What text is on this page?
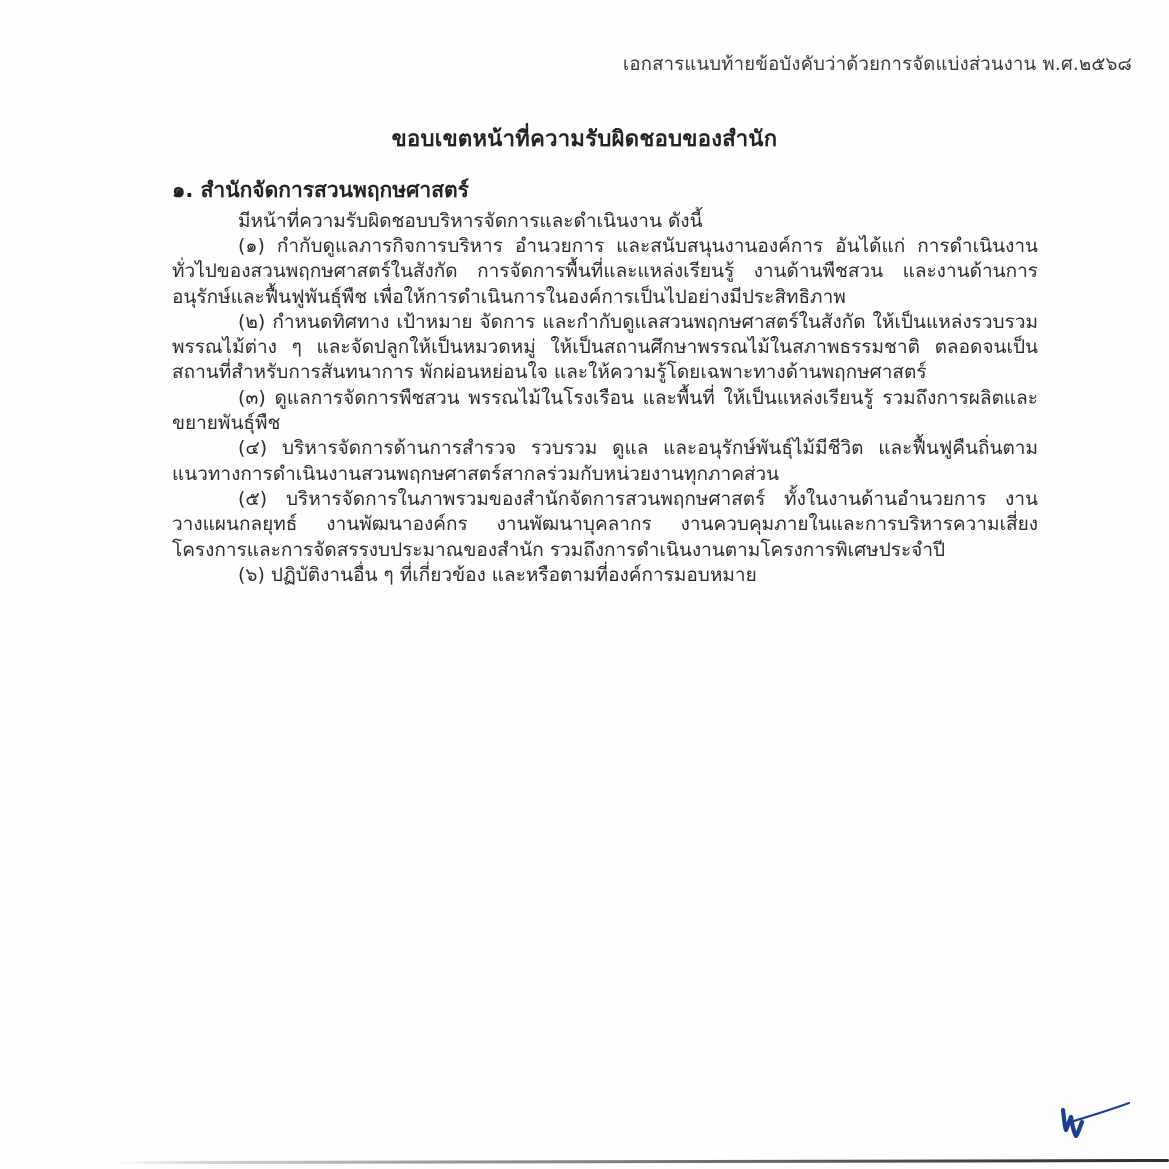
เอกสารแนบท้ายข้อบังคับว่าด้วยการจัดแบ่งส่วนงาน พ.ศ.๒๕๖๘
ขอบเขตหน้าที่ความรับผิดชอบของสำนัก
๑. สำนักจัดการสวนพฤกษศาสตร์

มีหน้าที่ความรับผิดชอบบริหารจัดการและดำเนินงาน ดังนี้

(๑) กำกับดูแลภารกิจการบริหาร อำนวยการ และสนับสนุนงานองค์การ อันได้แก่ การดำเนินงานทั่วไปของสวนพฤกษศาสตร์ในสังกัด การจัดการพื้นที่และแหล่งเรียนรู้ งานด้านพืชสวน และงานด้านการอนุรักษ์และฟื้นฟูพันธุ์พืช เพื่อให้การดำเนินการในองค์การเป็นไปอย่างมีประสิทธิภาพ

(๒) กำหนดทิศทาง เป้าหมาย จัดการ และกำกับดูแลสวนพฤกษศาสตร์ในสังกัด ให้เป็นแหล่งรวบรวมพรรณไม้ต่าง ๆ และจัดปลูกให้เป็นหมวดหมู่ ให้เป็นสถานศึกษาพรรณไม้ในสภาพธรรมชาติ ตลอดจนเป็นสถานที่สำหรับการสันทนาการ พักผ่อนหย่อนใจ และให้ความรู้โดยเฉพาะทางด้านพฤกษศาสตร์

(๓) ดูแลการจัดการพืชสวน พรรณไม้ในโรงเรือน และพื้นที่ ให้เป็นแหล่งเรียนรู้ รวมถึงการผลิตและขยายพันธุ์พืช

(๔) บริหารจัดการด้านการสำรวจ รวบรวม ดูแล และอนุรักษ์พันธุ์ไม้มีชีวิต และฟื้นฟูคืนถิ่นตามแนวทางการดำเนินงานสวนพฤกษศาสตร์สากลร่วมกับหน่วยงานทุกภาคส่วน

(๕) บริหารจัดการในภาพรวมของสำนักจัดการสวนพฤกษศาสตร์ ทั้งในงานด้านอำนวยการ งานวางแผนกลยุทธ์ งานพัฒนาองค์กร งานพัฒนาบุคลากร งานควบคุมภายในและการบริหารความเสี่ยง โครงการและการจัดสรรงบประมาณของสำนัก รวมถึงการดำเนินงานตามโครงการพิเศษประจำปี

(๖) ปฏิบัติงานอื่น ๆ ที่เกี่ยวข้อง และหรือตามที่องค์การมอบหมาย
